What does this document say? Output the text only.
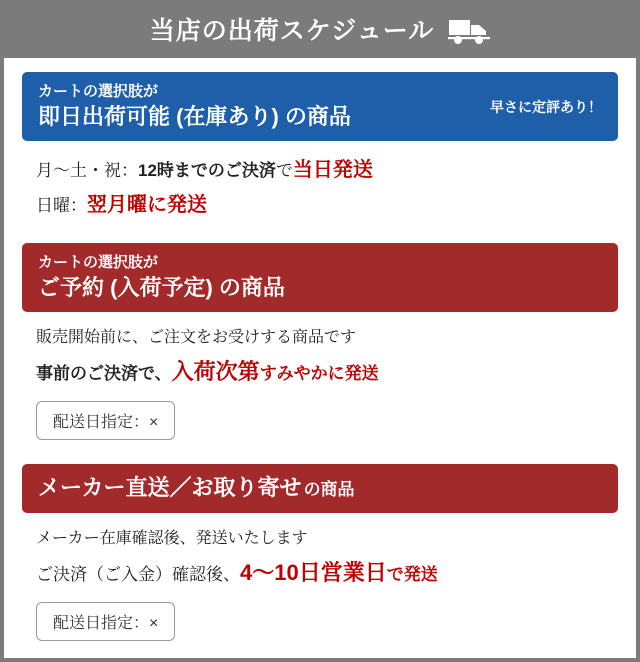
当店の出荷スケジュール
カートの選択肢が
即日出荷可能 (在庫あり) の商品	早さに定評あり！

月～土・祝：12時までのご決済で当日発送

日曜：翌月曜に発送

カートの選択肢が
ご予約 (入荷予定) の商品

販売開始前に、ご注文をお受けする商品です

事前のご決済で、入荷次第すみやかに発送

配送日指定：×
メーカー直送／お取り寄せ の商品

メーカー在庫確認後、発送いたします

ご決済（ご入金）確認後、4～10日営業日で発送

配送日指定：×
